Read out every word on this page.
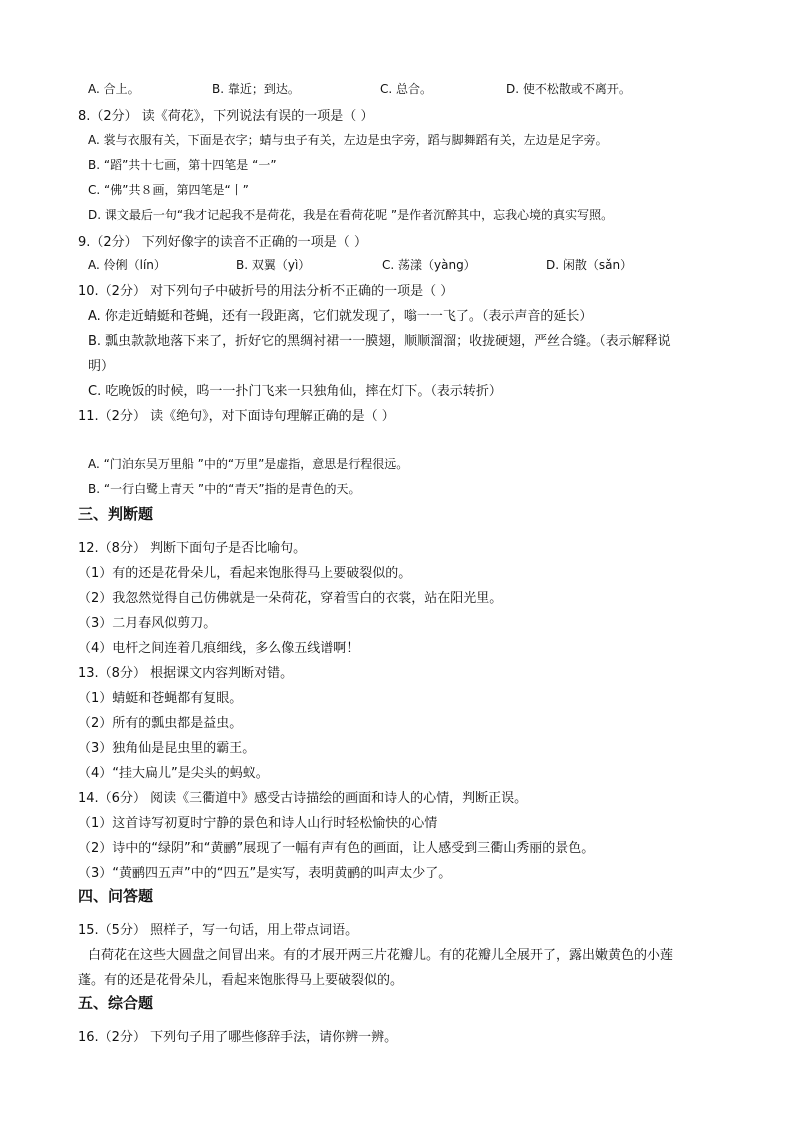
A. 合上。	B. 靠近；到达。	C. 总合。	D. 使不松散或不离开。
8.（2分） 读《荷花》，下列说法有误的一项是（ ）
A. 裳与衣服有关，下面是衣字；蜻与虫子有关，左边是虫字旁，蹈与脚舞蹈有关，左边是足字旁。
B. “蹈”共十七画，第十四笔是 “一”
C. “佛”共８画，第四笔是“丨”
D. 课文最后一句“我才记起我不是荷花，我是在看荷花呢 ”是作者沉醉其中，忘我心境的真实写照。
9.（2分） 下列好像字的读音不正确的一项是（ ）
A. 伶俐（lín）	B. 双翼（yì）	C. 荡漾（yàng）	D. 闲散（sǎn）
10.（2分） 对下列句子中破折号的用法分析不正确的一项是（ ）
A. 你走近蜻蜓和苍蝇，还有一段距离，它们就发现了，嗡一一飞了。（表示声音的延长）
B. 瓢虫款款地落下来了，折好它的黑绸衬裙一一膜翅，顺顺溜溜；收拢硬翅，严丝合缝。（表示解释说
明）
C. 吃晚饭的时候，呜一一扑门飞来一只独角仙，摔在灯下。（表示转折）
11.（2分） 读《绝句》，对下面诗句理解正确的是（ ）
A. “门泊东吴万里船 ”中的“万里”是虚指，意思是行程很远。
B. “一行白鹭上青天 ”中的“青天”指的是青色的天。
三、判断题
12.（8分） 判断下面句子是否比喻句。
（1）有的还是花骨朵儿，看起来饱胀得马上要破裂似的。
（2）我忽然觉得自己仿佛就是一朵荷花，穿着雪白的衣裳，站在阳光里。
（3）二月春风似剪刀。
（4）电杆之间连着几痕细线，多么像五线谱啊！
13.（8分） 根据课文内容判断对错。
（1）蜻蜓和苍蝇都有复眼。
（2）所有的瓢虫都是益虫。
（3）独角仙是昆虫里的霸王。
（4）“挂大扁儿”是尖头的蚂蚁。
14.（6分） 阅读《三衢道中》感受古诗描绘的画面和诗人的心情，判断正误。
（1）这首诗写初夏时宁静的景色和诗人山行时轻松愉快的心情
（2）诗中的“绿阴”和“黄鹂”展现了一幅有声有色的画面，让人感受到三衢山秀丽的景色。
（3）“黄鹂四五声”中的“四五”是实写，表明黄鹂的叫声太少了。
四、问答题
15.（5分） 照样子，写一句话，用上带点词语。
白荷花在这些大圆盘之间冒出来。有的才展开两三片花瓣儿。有的花瓣儿全展开了，露出嫩黄色的小莲
蓬。有的还是花骨朵儿，看起来饱胀得马上要破裂似的。
五、综合题
16.（2分） 下列句子用了哪些修辞手法，请你辨一辨。
